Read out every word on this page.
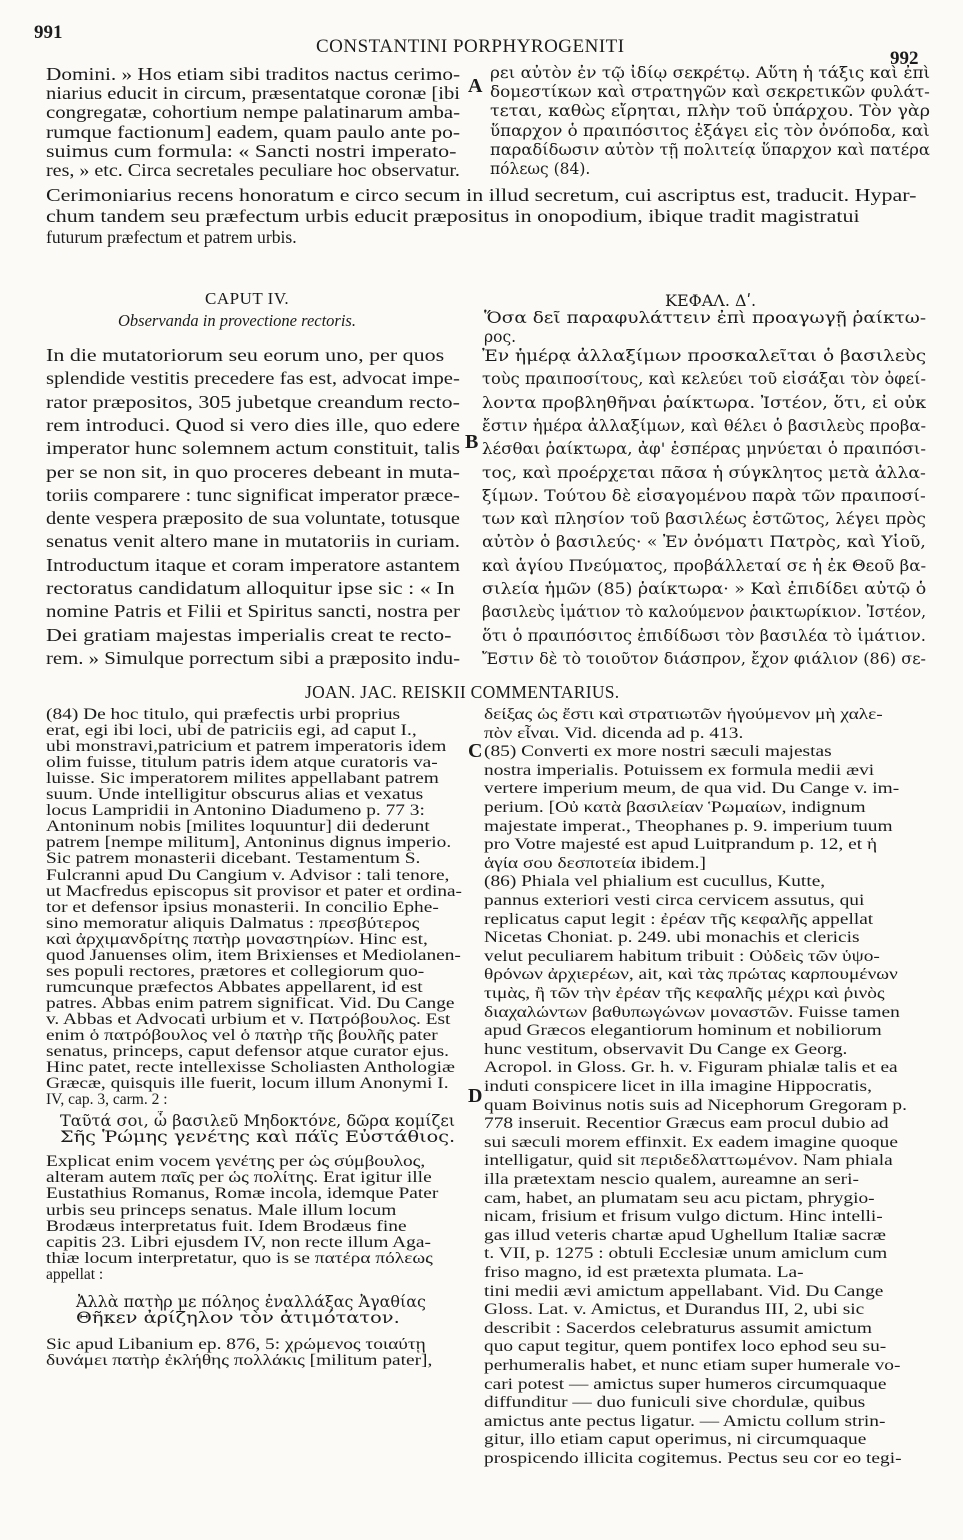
991
CONSTANTINI PORPHYROGENITI
992
A
B
C
D
Domini. » Hos etiam sibi traditos nactus cerimo-
niarius educit in circum, præsentatque coronæ [ibi
congregatæ, cohortium nempe palatinarum amba-
rumque factionum] eadem, quam paulo ante po-
suimus cum formula: « Sancti nostri imperato-
res, » etc. Circa secretales peculiare hoc observatur.
ρει αὐτὸν ἐν τῷ ἰδίῳ σεκρέτῳ. Αὕτη ἡ τάξις καὶ ἐπὶ
δομεστίκων καὶ στρατηγῶν καὶ σεκρετικῶν φυλάτ-
τεται, καθὼς εἴρηται, πλὴν τοῦ ὑπάρχου. Τὸν γὰρ
ὕπαρχον ὁ πραιπόσιτος ἐξάγει εἰς τὸν ὀνόποδα, καὶ
παραδίδωσιν αὐτὸν τῇ πολιτείᾳ ὕπαρχον καὶ πατέρα
πόλεως (84).
Cerimoniarius recens honoratum e circo secum in illud secretum, cui ascriptus est, traducit. Hypar-
chum tandem seu præfectum urbis educit præpositus in onopodium, ibique tradit magistratui
futurum præfectum et patrem urbis.
CAPUT IV.
Observanda in provectione rectoris.
ΚΕΦΑΛ. Δʹ.
Ὅσα δεῖ παραφυλάττειν ἐπὶ προαγωγῇ ῥαίκτω-
ρος.
In die mutatoriorum seu eorum uno, per quos
splendide vestitis precedere fas est, advocat impe-
rator præpositos, 305 jubetque creandum recto-
rem introduci. Quod si vero dies ille, quo edere
imperator hunc solemnem actum constituit, talis
per se non sit, in quo proceres debeant in muta-
toriis comparere : tunc significat imperator præce-
dente vespera præposito de sua voluntate, totusque
senatus venit altero mane in mutatoriis in curiam.
Introductum itaque et coram imperatore astantem
rectoratus candidatum alloquitur ipse sic : « In
nomine Patris et Filii et Spiritus sancti, nostra per
Dei gratiam majestas imperialis creat te recto-
rem. » Simulque porrectum sibi a præposito indu-
Ἐν ἡμέρᾳ ἀλλαξίμων προσκαλεῖται ὁ βασιλεὺς
τοὺς πραιποσίτους, καὶ κελεύει τοῦ εἰσάξαι τὸν ὀφεί-
λοντα προβληθῆναι ῥαίκτωρα. Ἰστέον, ὅτι, εἰ οὐκ
ἔστιν ἡμέρα ἀλλαξίμων, καὶ θέλει ὁ βασιλεὺς προβα-
λέσθαι ῥαίκτωρα, ἀφ' ἑσπέρας μηνύεται ὁ πραιπόσι-
τος, καὶ προέρχεται πᾶσα ἡ σύγκλητος μετὰ ἀλλα-
ξίμων. Τούτου δὲ εἰσαγομένου παρὰ τῶν πραιποσί-
των καὶ πλησίον τοῦ βασιλέως ἑστῶτος, λέγει πρὸς
αὐτὸν ὁ βασιλεύς· « Ἐν ὀνόματι Πατρὸς, καὶ Υἱοῦ,
καὶ ἁγίου Πνεύματος, προβάλλεταί σε ἡ ἐκ Θεοῦ βα-
σιλεία ἡμῶν (85) ῥαίκτωρα· » Καὶ ἐπιδίδει αὐτῷ ὁ
βασιλεὺς ἱμάτιον τὸ καλούμενον ῥαικτωρίκιον. Ἰστέον,
ὅτι ὁ πραιπόσιτος ἐπιδίδωσι τὸν βασιλέα τὸ ἱμάτιον.
Ἔστιν δὲ τὸ τοιοῦτον διάσπρον, ἔχον φιάλιον (86) σε-
JOAN. JAC. REISKII COMMENTARIUS.
(84) De hoc titulo, qui præfectis urbi proprius
erat, egi ibi loci, ubi de patriciis egi, ad caput I.,
ubi monstravi,patricium et patrem imperatoris idem
olim fuisse, titulum patris idem atque curatoris va-
luisse. Sic imperatorem milites appellabant patrem
suum. Unde intelligitur obscurus alias et vexatus
locus Lampridii in Antonino Diadumeno p. 77 3:
Antoninum nobis [milites loquuntur] dii dederunt
patrem [nempe militum], Antoninus dignus imperio.
Sic patrem monasterii dicebant. Testamentum S.
Fulcranni apud Du Cangium v. Advisor : tali tenore,
ut Macfredus episcopus sit provisor et pater et ordina-
tor et defensor ipsius monasterii. In concilio Ephe-
sino memoratur aliquis Dalmatus : πρεσβύτερος
καὶ ἀρχιμανδρίτης πατὴρ μοναστηρίων. Hinc est,
quod Januenses olim, item Brixienses et Mediolanen-
ses populi rectores, prætores et collegiorum quo-
rumcunque præfectos Abbates appellarent, id est
patres. Abbas enim patrem significat. Vid. Du Cange
v. Abbas et Advocati urbium et v. Πατρόβουλος. Est
enim ὁ πατρόβουλος vel ὁ πατὴρ τῆς βουλῆς pater
senatus, princeps, caput defensor atque curator ejus.
Hinc patet, recte intellexisse Scholiasten Anthologiæ
Græcæ, quisquis ille fuerit, locum illum Anonymi I.
IV, cap. 3, carm. 2 :
Ταῦτά σοι, ὦ βασιλεῦ Μηδοκτόνε, δῶρα κομίζει
Σῆς Ῥώμης γενέτης καὶ πάϊς Εὐστάθιος.
Explicat enim vocem γενέτης per ὡς σύμβουλος,
alteram autem παῖς per ὡς πολίτης. Erat igitur ille
Eustathius Romanus, Romæ incola, idemque Pater
urbis seu princeps senatus. Male illum locum
Brodæus interpretatus fuit. Idem Brodæus fine
capitis 23. Libri ejusdem IV, non recte illum Aga-
thiæ locum interpretatur, quo is se πατέρα πόλεως
appellat :
Ἀλλὰ πατὴρ με πόληος ἐναλλάξας Ἀγαθίας
Θῆκεν ἀρίζηλον τὸν ἀτιμότατον.
Sic apud Libanium ep. 876, 5: χρώμενος τοιαύτῃ
δυνάμει πατὴρ ἐκλήθης πολλάκις [militum pater],
δείξας ὡς ἔστι καὶ στρατιωτῶν ἡγούμενον μὴ χαλε-
πὸν εἶναι. Vid. dicenda ad p. 413.
(85) Converti ex more nostri sæculi majestas
nostra imperialis. Potuissem ex formula medii ævi
vertere imperium meum, de qua vid. Du Cange v. im-
perium. [Οὐ κατὰ βασιλείαν Ῥωμαίων, indignum
majestate imperat., Theophanes p. 9. imperium tuum
pro Votre majesté est apud Luitprandum p. 12, et ἡ
ἁγία σου δεσποτεία ibidem.]
(86) Phiala vel phialium est cucullus, Kutte,
pannus exteriori vesti circa cervicem assutus, qui
replicatus caput legit : ἐρέαν τῆς κεφαλῆς appellat
Nicetas Choniat. p. 249. ubi monachis et clericis
velut peculiarem habitum tribuit : Οὐδεὶς τῶν ὑψο-
θρόνων ἀρχιερέων, ait, καὶ τὰς πρώτας καρπουμένων
τιμὰς, ἢ τῶν τὴν ἐρέαν τῆς κεφαλῆς μέχρι καὶ ῥινὸς
διαχαλώντων βαθυπωγώνων μοναστῶν. Fuisse tamen
apud Græcos elegantiorum hominum et nobiliorum
hunc vestitum, observavit Du Cange ex Georg.
Acropol. in Gloss. Gr. h. v. Figuram phialæ talis et ea
induti conspicere licet in illa imagine Hippocratis,
quam Boivinus notis suis ad Nicephorum Gregoram p.
778 inseruit. Recentior Græcus eam procul dubio ad
sui sæculi morem effinxit. Ex eadem imagine quoque
intelligatur, quid sit περιδεδλαττωμένον. Nam phiala
illa prætextam nescio qualem, aureamne an seri-
cam, habet, an plumatam seu acu pictam, phrygio-
nicam, frisium et frisum vulgo dictum. Hinc intelli-
gas illud veteris chartæ apud Ughellum Italiæ sacræ
t. VII, p. 1275 : obtuli Ecclesiæ unum amiclum cum
friso magno, id est prætexta plumata. La-
tini medii ævi amictum appellabant. Vid. Du Cange
Gloss. Lat. v. Amictus, et Durandus III, 2, ubi sic
describit : Sacerdos celebraturus assumit amictum
quo caput tegitur, quem pontifex loco ephod seu su-
perhumeralis habet, et nunc etiam super humerale vo-
cari potest — amictus super humeros circumquaque
diffunditur — duo funiculi sive chordulæ, quibus
amictus ante pectus ligatur. — Amictu collum strin-
gitur, illo etiam caput operimus, ni circumquaque
prospicendo illicita cogitemus. Pectus seu cor eo tegi-
